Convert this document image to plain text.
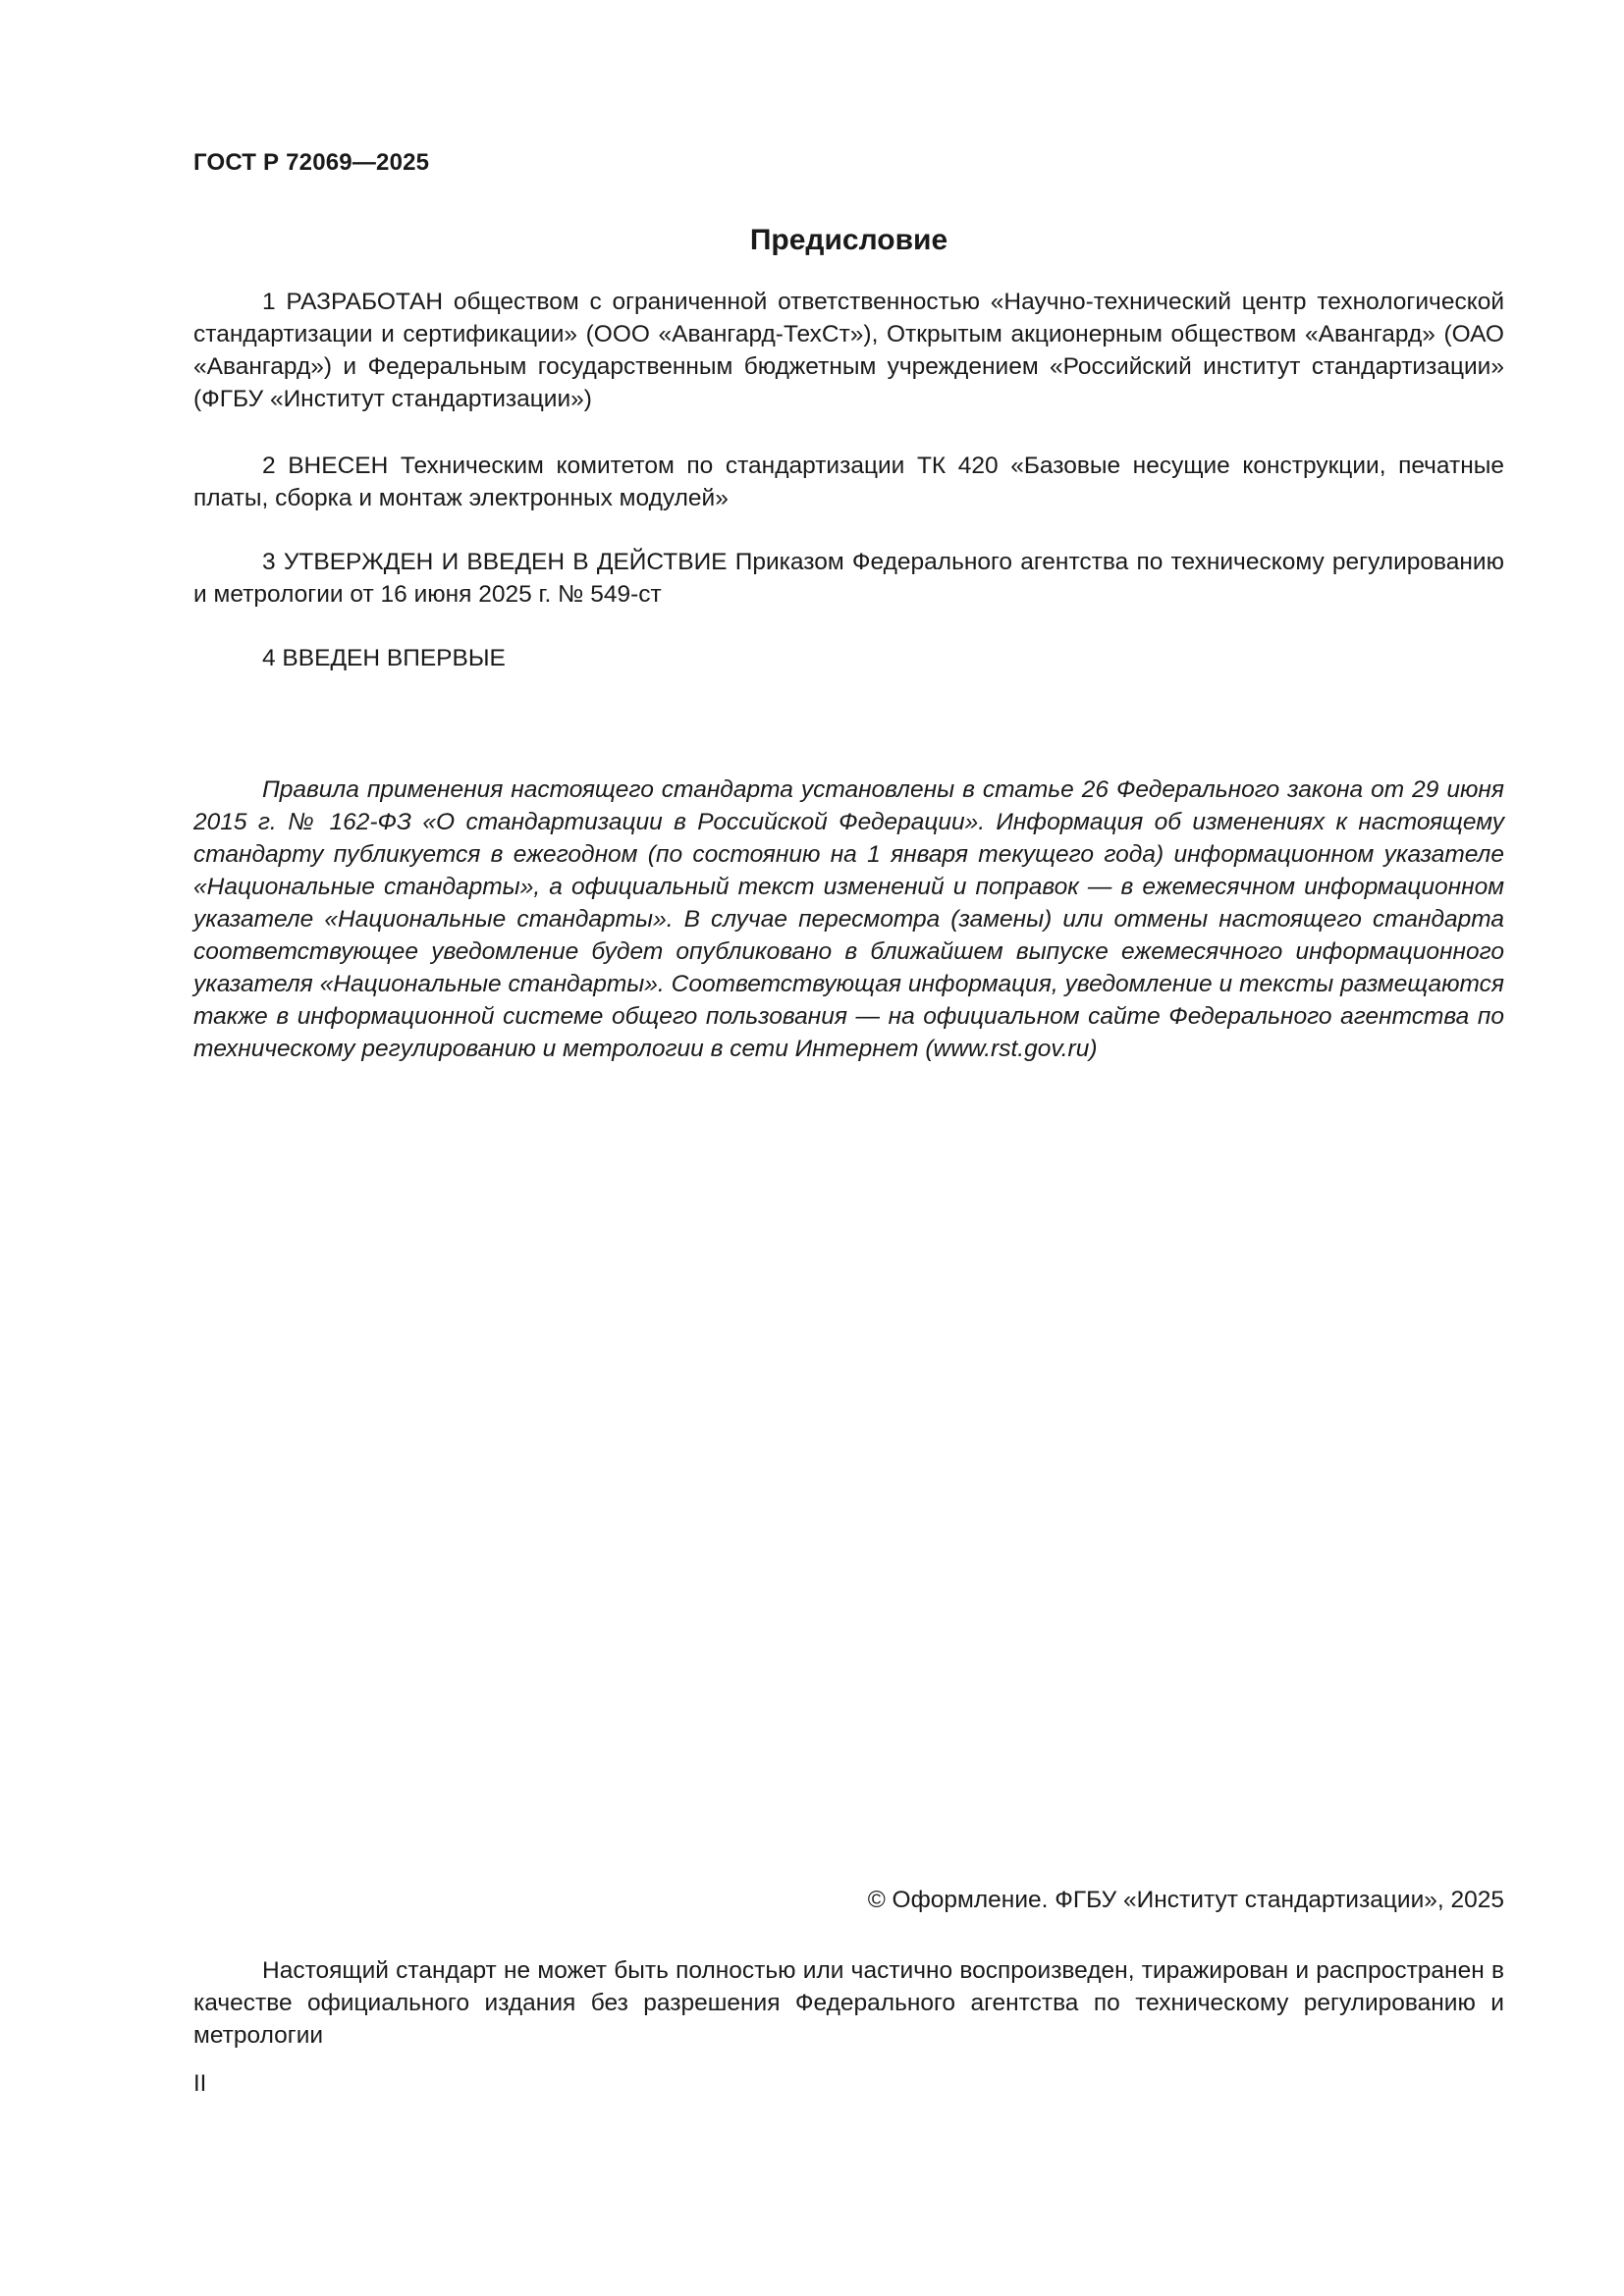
ГОСТ Р 72069—2025
Предисловие

1 РАЗРАБОТАН обществом с ограниченной ответственностью «Научно-технический центр технологической стандартизации и сертификации» (ООО «Авангард-ТехСт»), Открытым акционерным обществом «Авангард» (ОАО «Авангард») и Федеральным государственным бюджетным учреждением «Российский институт стандартизации» (ФГБУ «Институт стандартизации»)

2 ВНЕСЕН Техническим комитетом по стандартизации ТК 420 «Базовые несущие конструкции, печатные платы, сборка и монтаж электронных модулей»

3 УТВЕРЖДЕН И ВВЕДЕН В ДЕЙСТВИЕ Приказом Федерального агентства по техническому регулированию и метрологии от 16 июня 2025 г. № 549-ст

4 ВВЕДЕН ВПЕРВЫЕ

Правила применения настоящего стандарта установлены в статье 26 Федерального закона от 29 июня 2015 г. № 162-ФЗ «О стандартизации в Российской Федерации». Информация об изменениях к настоящему стандарту публикуется в ежегодном (по состоянию на 1 января текущего года) информационном указателе «Национальные стандарты», а официальный текст изменений и поправок — в ежемесячном информационном указателе «Национальные стандарты». В случае пересмотра (замены) или отмены настоящего стандарта соответствующее уведомление будет опубликовано в ближайшем выпуске ежемесячного информационного указателя «Национальные стандарты». Соответствующая информация, уведомление и тексты размещаются также в информационной системе общего пользования — на официальном сайте Федерального агентства по техническому регулированию и метрологии в сети Интернет (www.rst.gov.ru)

© Оформление. ФГБУ «Институт стандартизации», 2025

Настоящий стандарт не может быть полностью или частично воспроизведен, тиражирован и распространен в качестве официального издания без разрешения Федерального агентства по техническому регулированию и метрологии

II
